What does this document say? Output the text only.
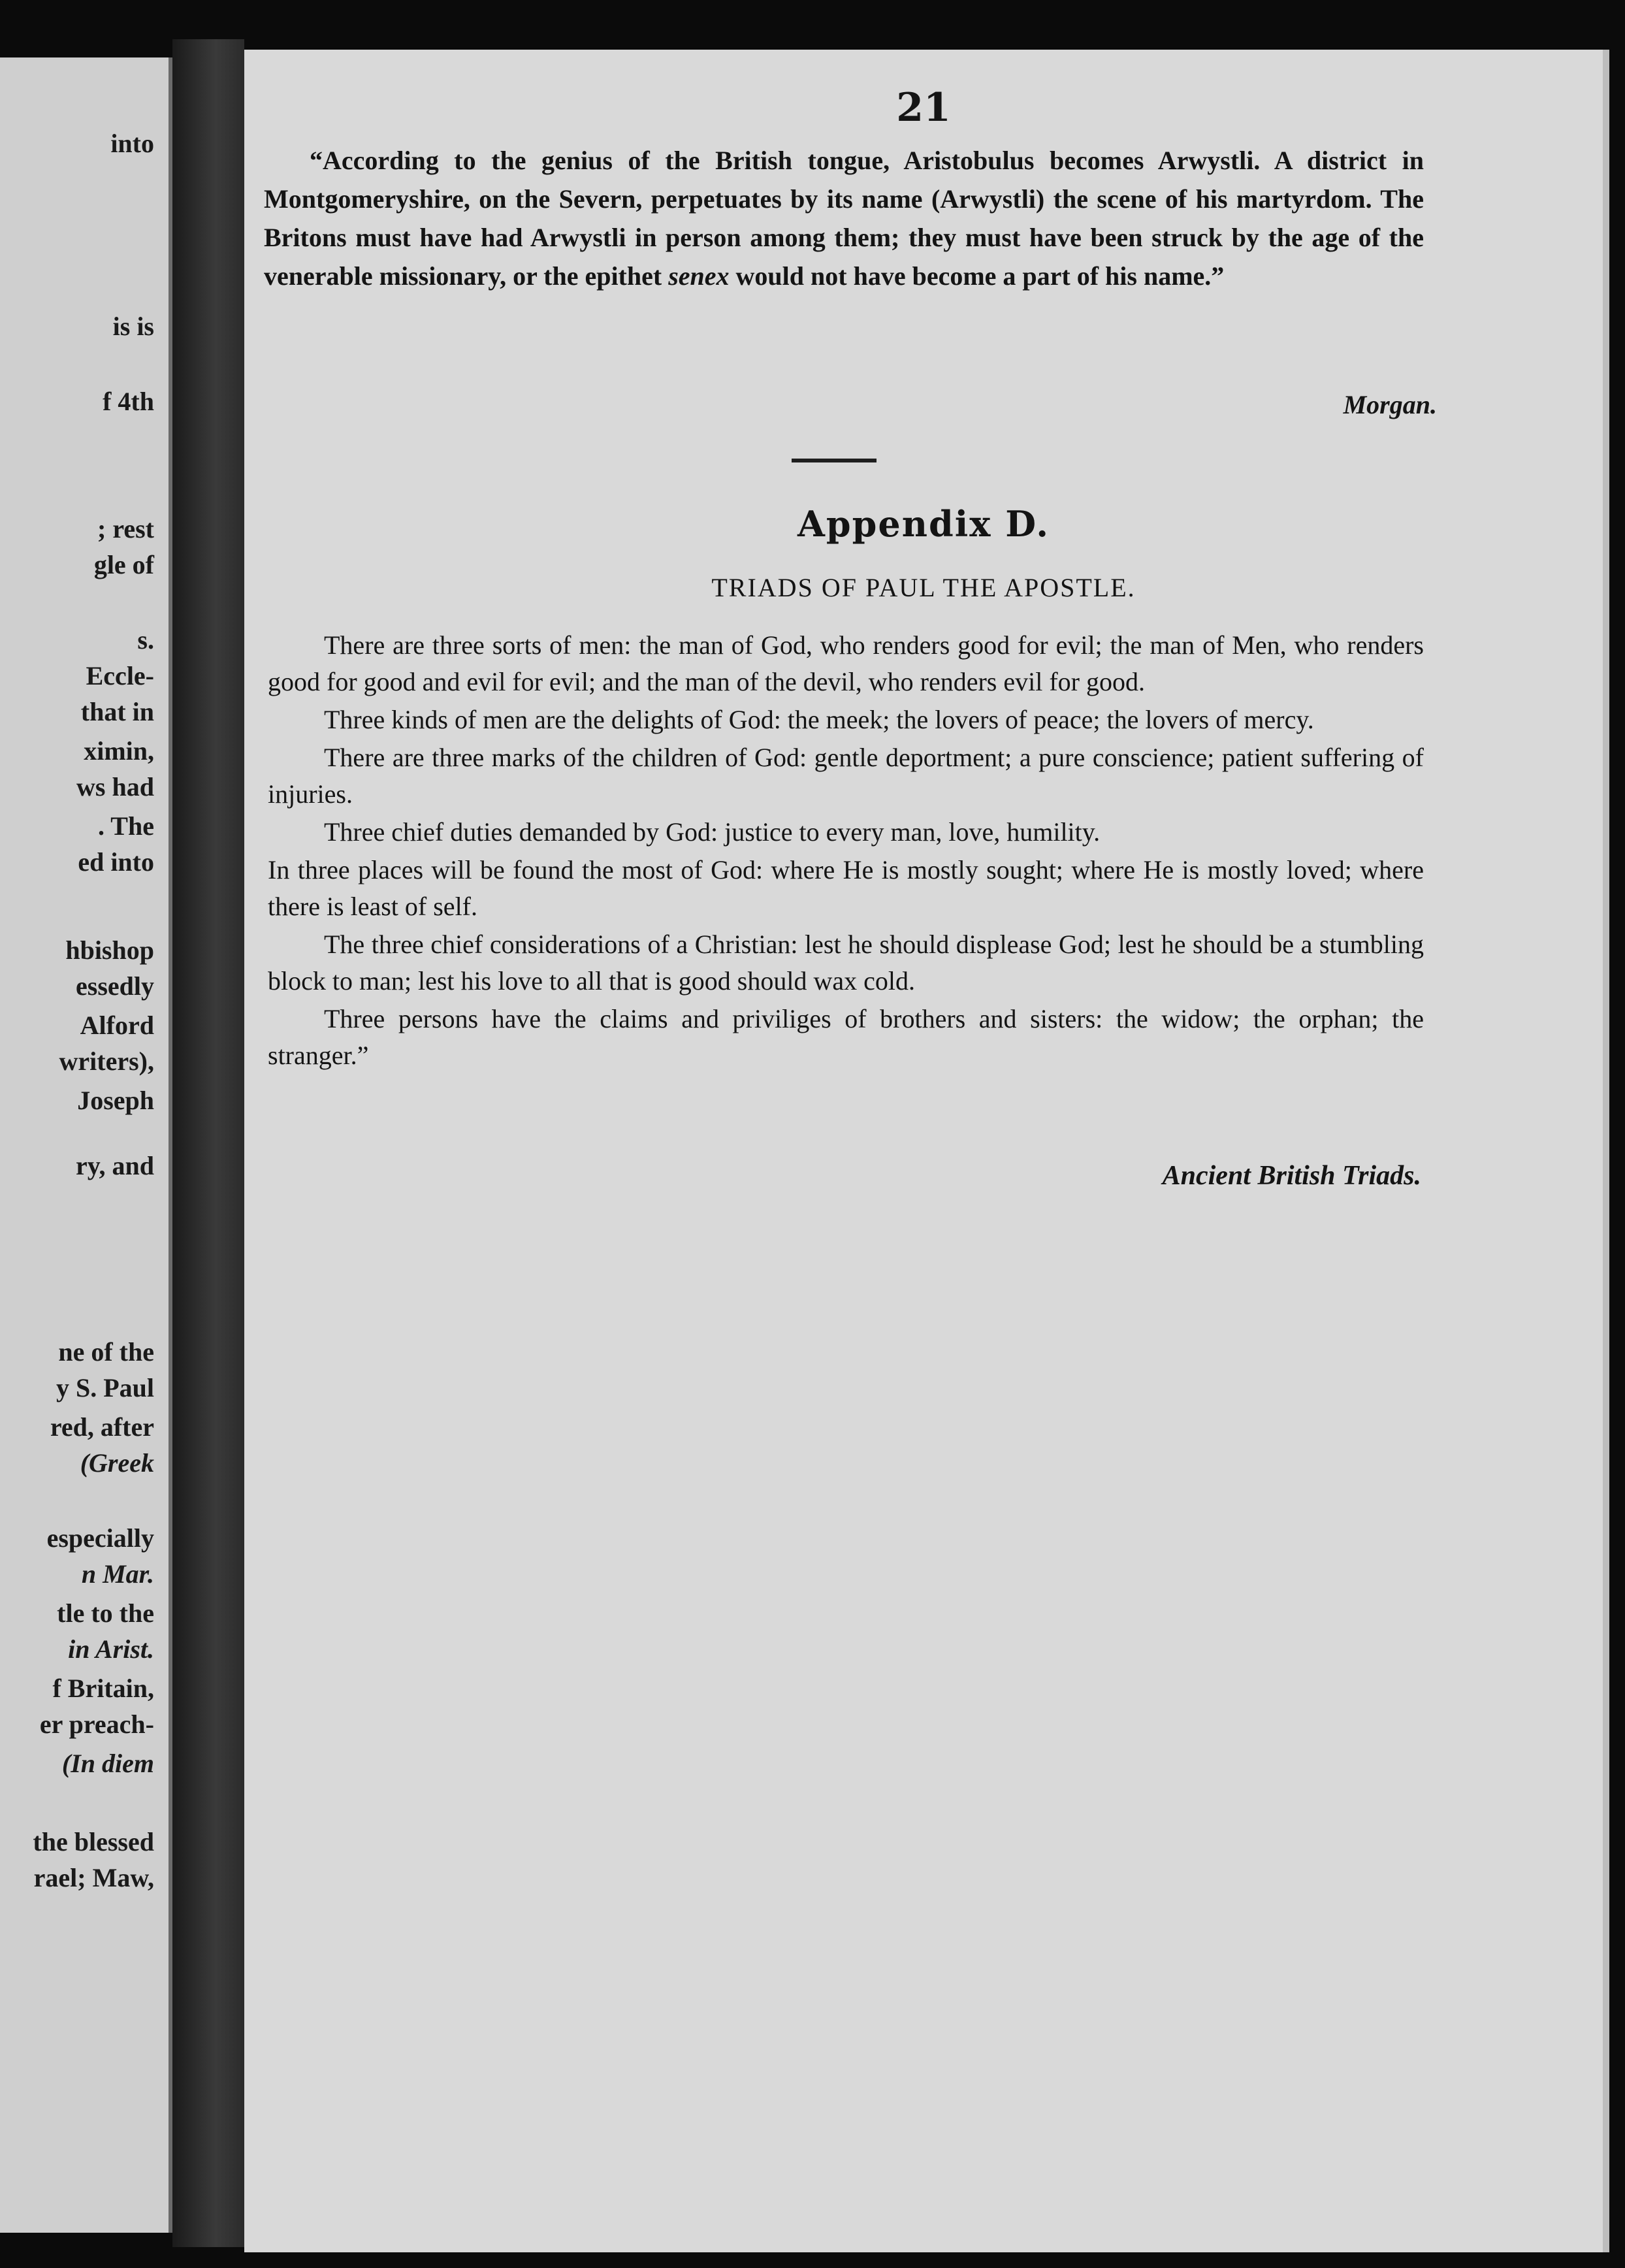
into
is is
f 4th
; rest
gle of
s.
Eccle-
that in
ximin,
ws had
. The
ed into
hbishop
essedly
Alford
writers),
Joseph
ry, and
ne of the
y S. Paul
red, after
(Greek
especially
n Mar.
tle to the
in Arist.
f Britain,
er preach-
(In diem
the blessed
rael; Maw,
21

“According to the genius of the British tongue, Aristobulus becomes Arwystli. A district in Montgomeryshire, on the Severn, perpetuates by its name (Arwystli) the scene of his martyrdom. The Britons must have had Arwystli in person among them; they must have been struck by the age of the venerable missionary, or the epithet senex would not have become a part of his name.”

Morgan.
Appendix D.
TRIADS OF PAUL THE APOSTLE.

There are three sorts of men: the man of God, who renders good for evil; the man of Men, who renders good for good and evil for evil; and the man of the devil, who renders evil for good.

Three kinds of men are the delights of God: the meek; the lovers of peace; the lovers of mercy.

There are three marks of the children of God: gentle deportment; a pure conscience; patient suffering of injuries.

Three chief duties demanded by God: justice to every man, love, humility.

In three places will be found the most of God: where He is mostly sought; where He is mostly loved; where there is least of self.

The three chief considerations of a Christian: lest he should displease God; lest he should be a stumbling block to man; lest his love to all that is good should wax cold.

Three persons have the claims and priviliges of brothers and sisters: the widow; the orphan; the stranger.”

Ancient British Triads.
